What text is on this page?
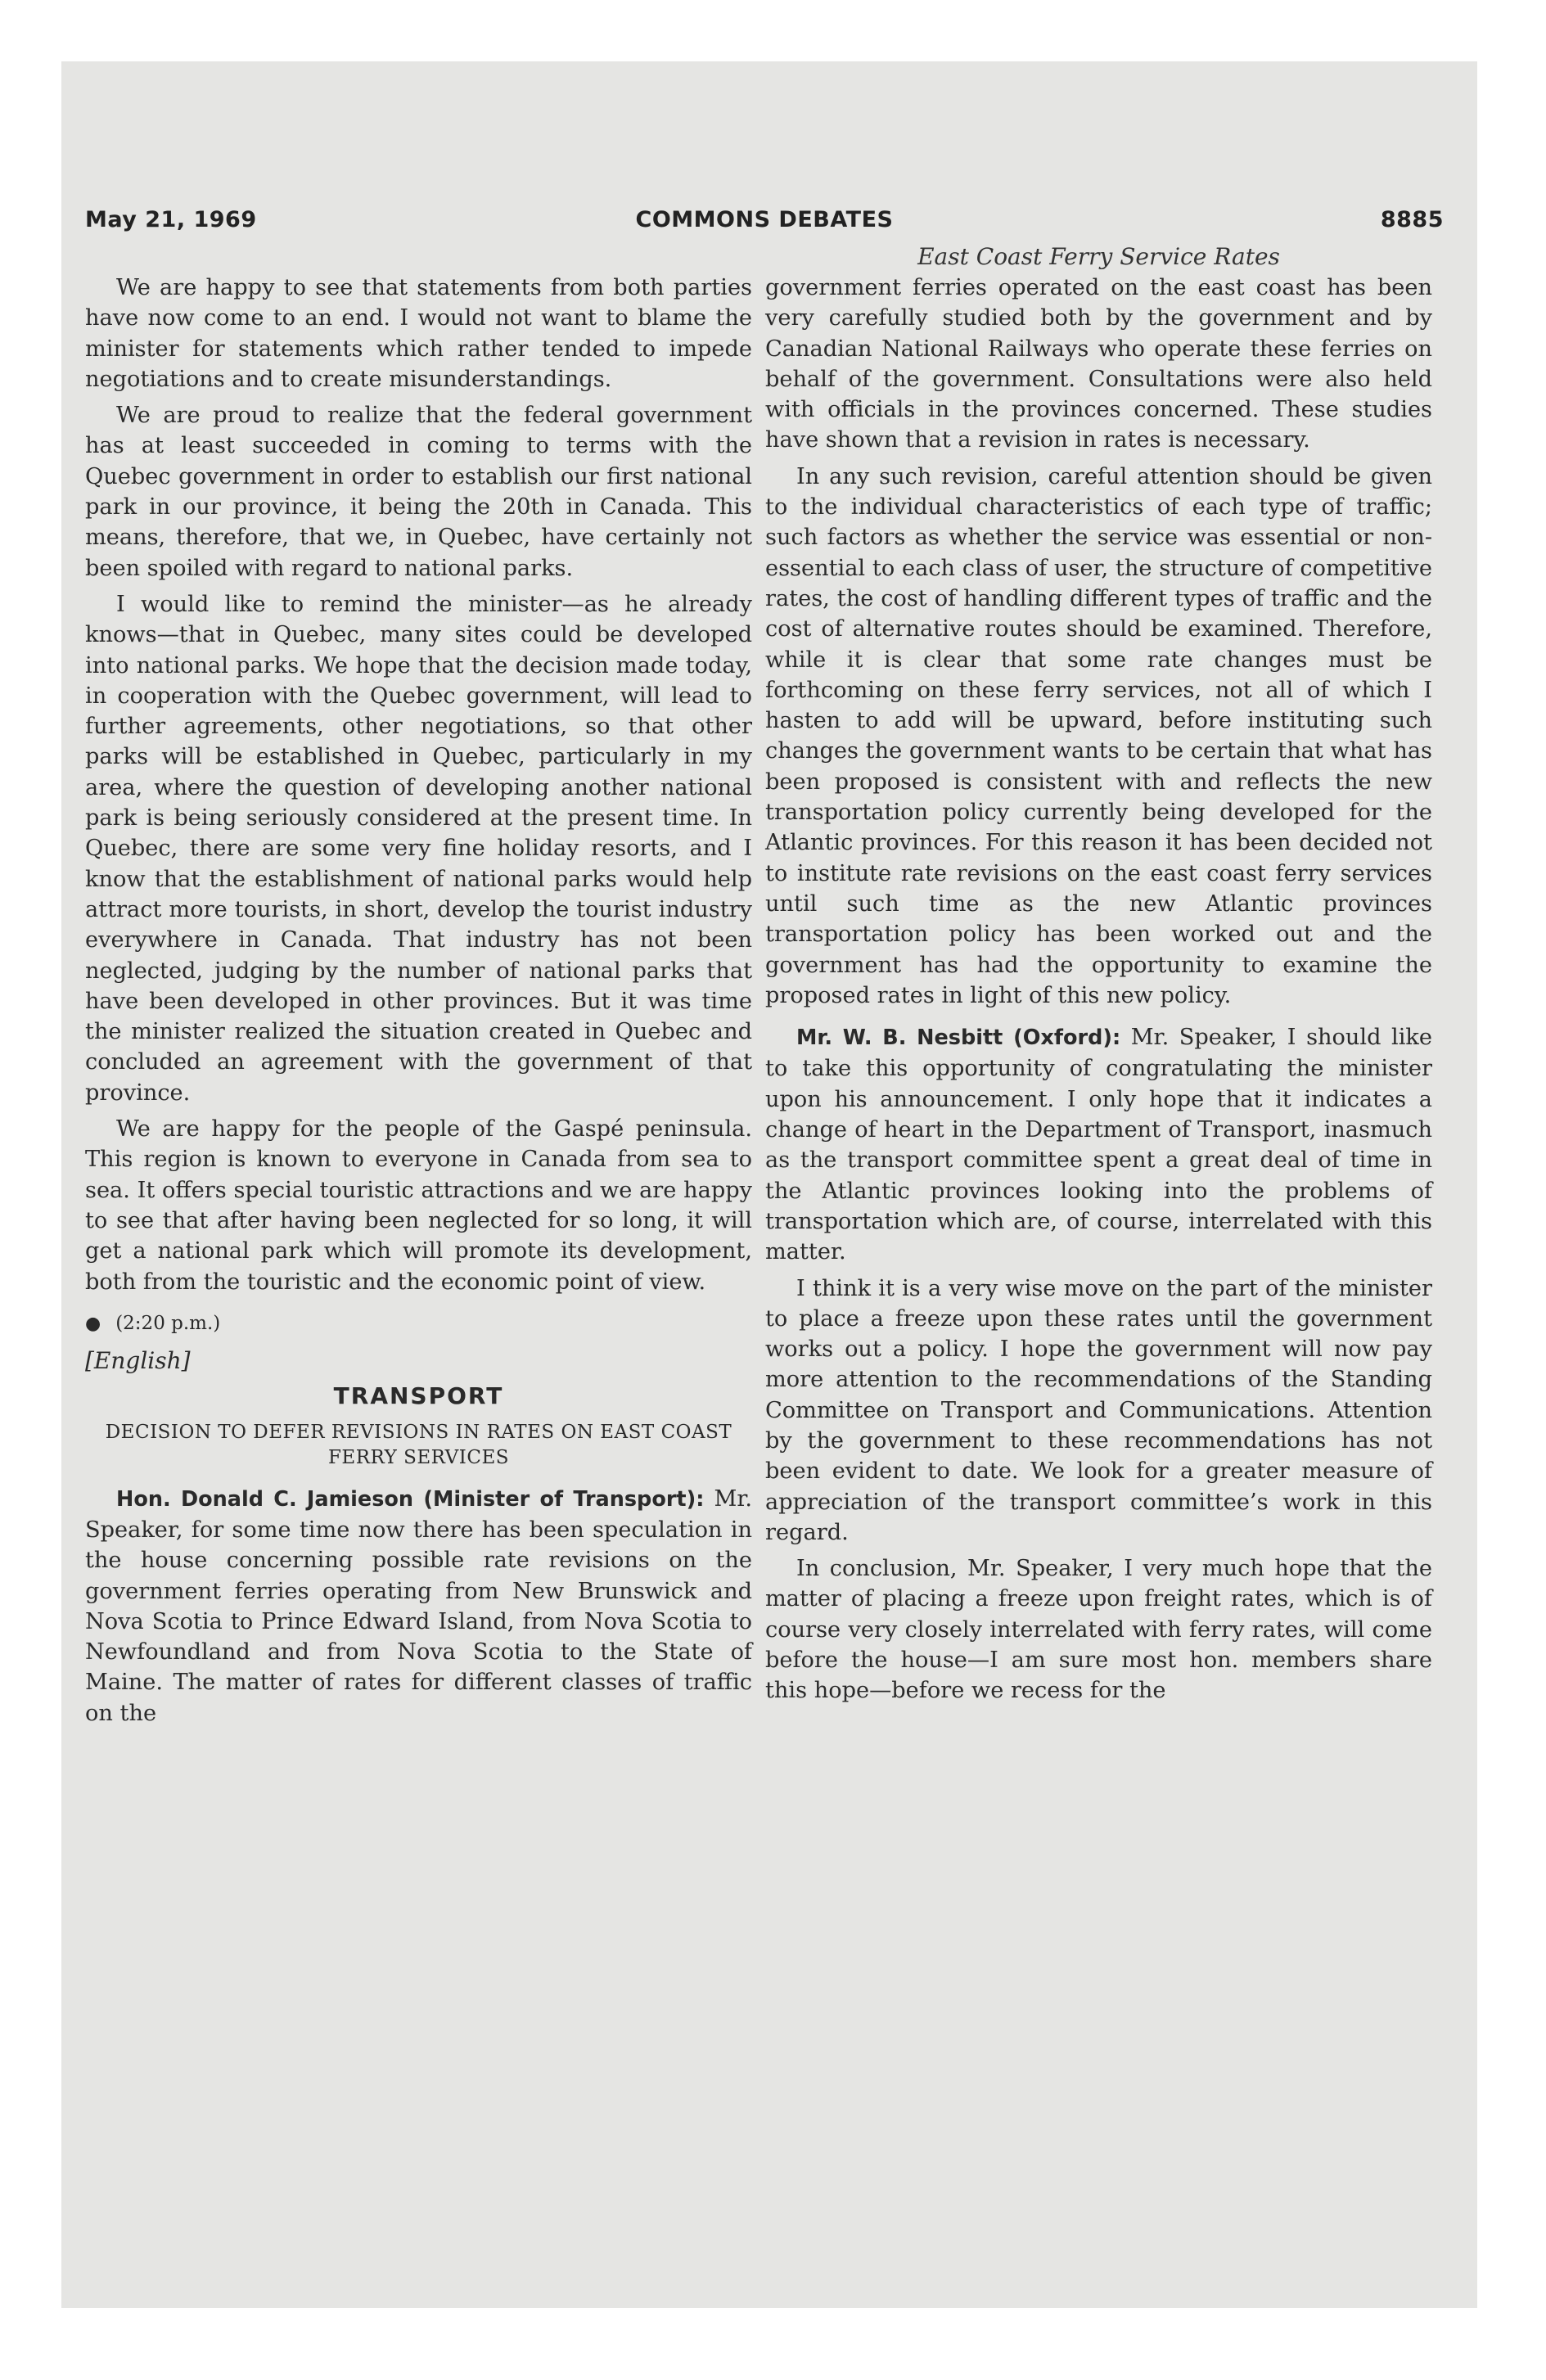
May 21, 1969	COMMONS DEBATES	8885
East Coast Ferry Service Rates

We are happy to see that statements from both parties have now come to an end. I would not want to blame the minister for statements which rather tended to impede negotiations and to create misunderstandings.

We are proud to realize that the federal government has at least succeeded in coming to terms with the Quebec government in order to establish our first national park in our province, it being the 20th in Canada. This means, therefore, that we, in Quebec, have certainly not been spoiled with regard to national parks.

I would like to remind the minister—as he already knows—that in Quebec, many sites could be developed into national parks. We hope that the decision made today, in cooperation with the Quebec government, will lead to further agreements, other negotiations, so that other parks will be established in Quebec, particularly in my area, where the question of developing another national park is being seriously considered at the present time. In Quebec, there are some very fine holiday resorts, and I know that the establishment of national parks would help attract more tourists, in short, develop the tourist industry everywhere in Canada. That industry has not been neglected, judging by the number of national parks that have been developed in other provinces. But it was time the minister realized the situation created in Quebec and concluded an agreement with the government of that province.

We are happy for the people of the Gaspé peninsula. This region is known to everyone in Canada from sea to sea. It offers special touristic attractions and we are happy to see that after having been neglected for so long, it will get a national park which will promote its development, both from the touristic and the economic point of view.

● (2:20 p.m.)
[English]
TRANSPORT
DECISION TO DEFER REVISIONS IN RATES ON EAST COAST FERRY SERVICES

Hon. Donald C. Jamieson (Minister of Transport): Mr. Speaker, for some time now there has been speculation in the house concerning possible rate revisions on the government ferries operating from New Brunswick and Nova Scotia to Prince Edward Island, from Nova Scotia to Newfoundland and from Nova Scotia to the State of Maine. The matter of rates for different classes of traffic on the

government ferries operated on the east coast has been very carefully studied both by the government and by Canadian National Railways who operate these ferries on behalf of the government. Consultations were also held with officials in the provinces concerned. These studies have shown that a revision in rates is necessary.

In any such revision, careful attention should be given to the individual characteristics of each type of traffic; such factors as whether the service was essential or nonessential to each class of user, the structure of competitive rates, the cost of handling different types of traffic and the cost of alternative routes should be examined. Therefore, while it is clear that some rate changes must be forthcoming on these ferry services, not all of which I hasten to add will be upward, before instituting such changes the government wants to be certain that what has been proposed is consistent with and reflects the new transportation policy currently being developed for the Atlantic provinces. For this reason it has been decided not to institute rate revisions on the east coast ferry services until such time as the new Atlantic provinces transportation policy has been worked out and the government has had the opportunity to examine the proposed rates in light of this new policy.

Mr. W. B. Nesbitt (Oxford): Mr. Speaker, I should like to take this opportunity of congratulating the minister upon his announcement. I only hope that it indicates a change of heart in the Department of Transport, inasmuch as the transport committee spent a great deal of time in the Atlantic provinces looking into the problems of transportation which are, of course, interrelated with this matter.

I think it is a very wise move on the part of the minister to place a freeze upon these rates until the government works out a policy. I hope the government will now pay more attention to the recommendations of the Standing Committee on Transport and Communications. Attention by the government to these recommendations has not been evident to date. We look for a greater measure of appreciation of the transport committee’s work in this regard.

In conclusion, Mr. Speaker, I very much hope that the matter of placing a freeze upon freight rates, which is of course very closely interrelated with ferry rates, will come before the house—I am sure most hon. members share this hope—before we recess for the
